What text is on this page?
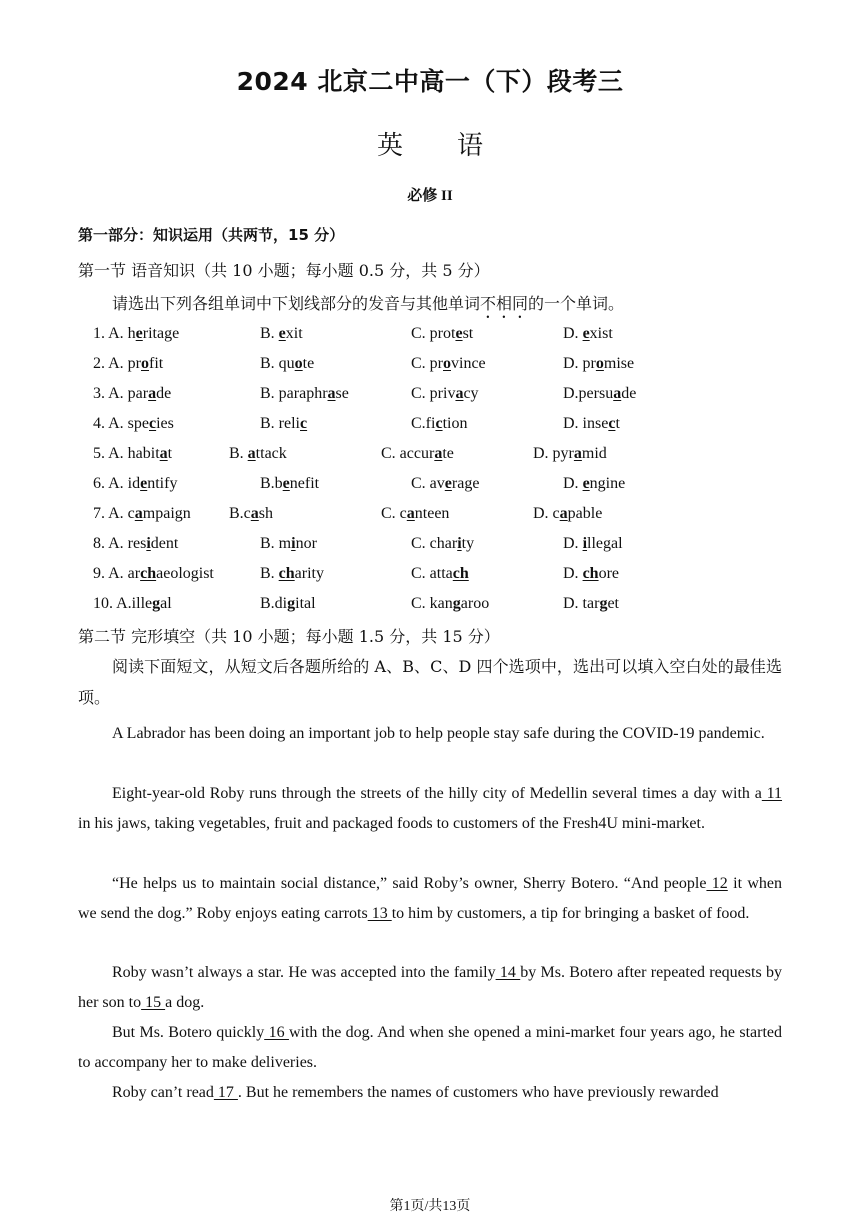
2024 北京二中高一（下）段考三
英 语
必修 II
第一部分：知识运用（共两节，15 分）
第一节 语音知识（共 10 小题；每小题 0.5 分，共 5 分）
请选出下列各组单词中下划线部分的发音与其他单词不相同的一个单词。
1. A. heritage	B. exit	C. protest	D. exist
2. A. profit	B. quote	C. province	D. promise
3. A. parade	B. paraphrase	C. privacy	D.persuade
4. A. species	B. relic	C.fiction	D. insect
5. A. habitat	B. attack	C. accurate	D. pyramid
6. A. identify	B.benefit	C. average	D. engine
7. A. campaign B.cash	C. canteen	D. capable
8. A. resident	B. minor	C. charity	D. illegal
9. A. archaeologist	B. charity	C. attach	D. chore
10. A.illegal	B.digital	C. kangaroo	D. target
第二节 完形填空（共 10 小题；每小题 1.5 分，共 15 分）
阅读下面短文，从短文后各题所给的 A、B、C、D 四个选项中，选出可以填入空白处的最佳选项。
A Labrador has been doing an important job to help people stay safe during the COVID-19 pandemic.
Eight-year-old Roby runs through the streets of the hilly city of Medellin several times a day with a 11 in his jaws, taking vegetables, fruit and packaged foods to customers of the Fresh4U mini-market.
“He helps us to maintain social distance,” said Roby’s owner, Sherry Botero. “And people 12 it when we send the dog.” Roby enjoys eating carrots 13 to him by customers, a tip for bringing a basket of food.
Roby wasn’t always a star. He was accepted into the family 14 by Ms. Botero after repeated requests by her son to 15 a dog.
But Ms. Botero quickly 16 with the dog. And when she opened a mini-market four years ago, he started to accompany her to make deliveries.
Roby can’t read 17 . But he remembers the names of customers who have previously rewarded
第1页/共13页
